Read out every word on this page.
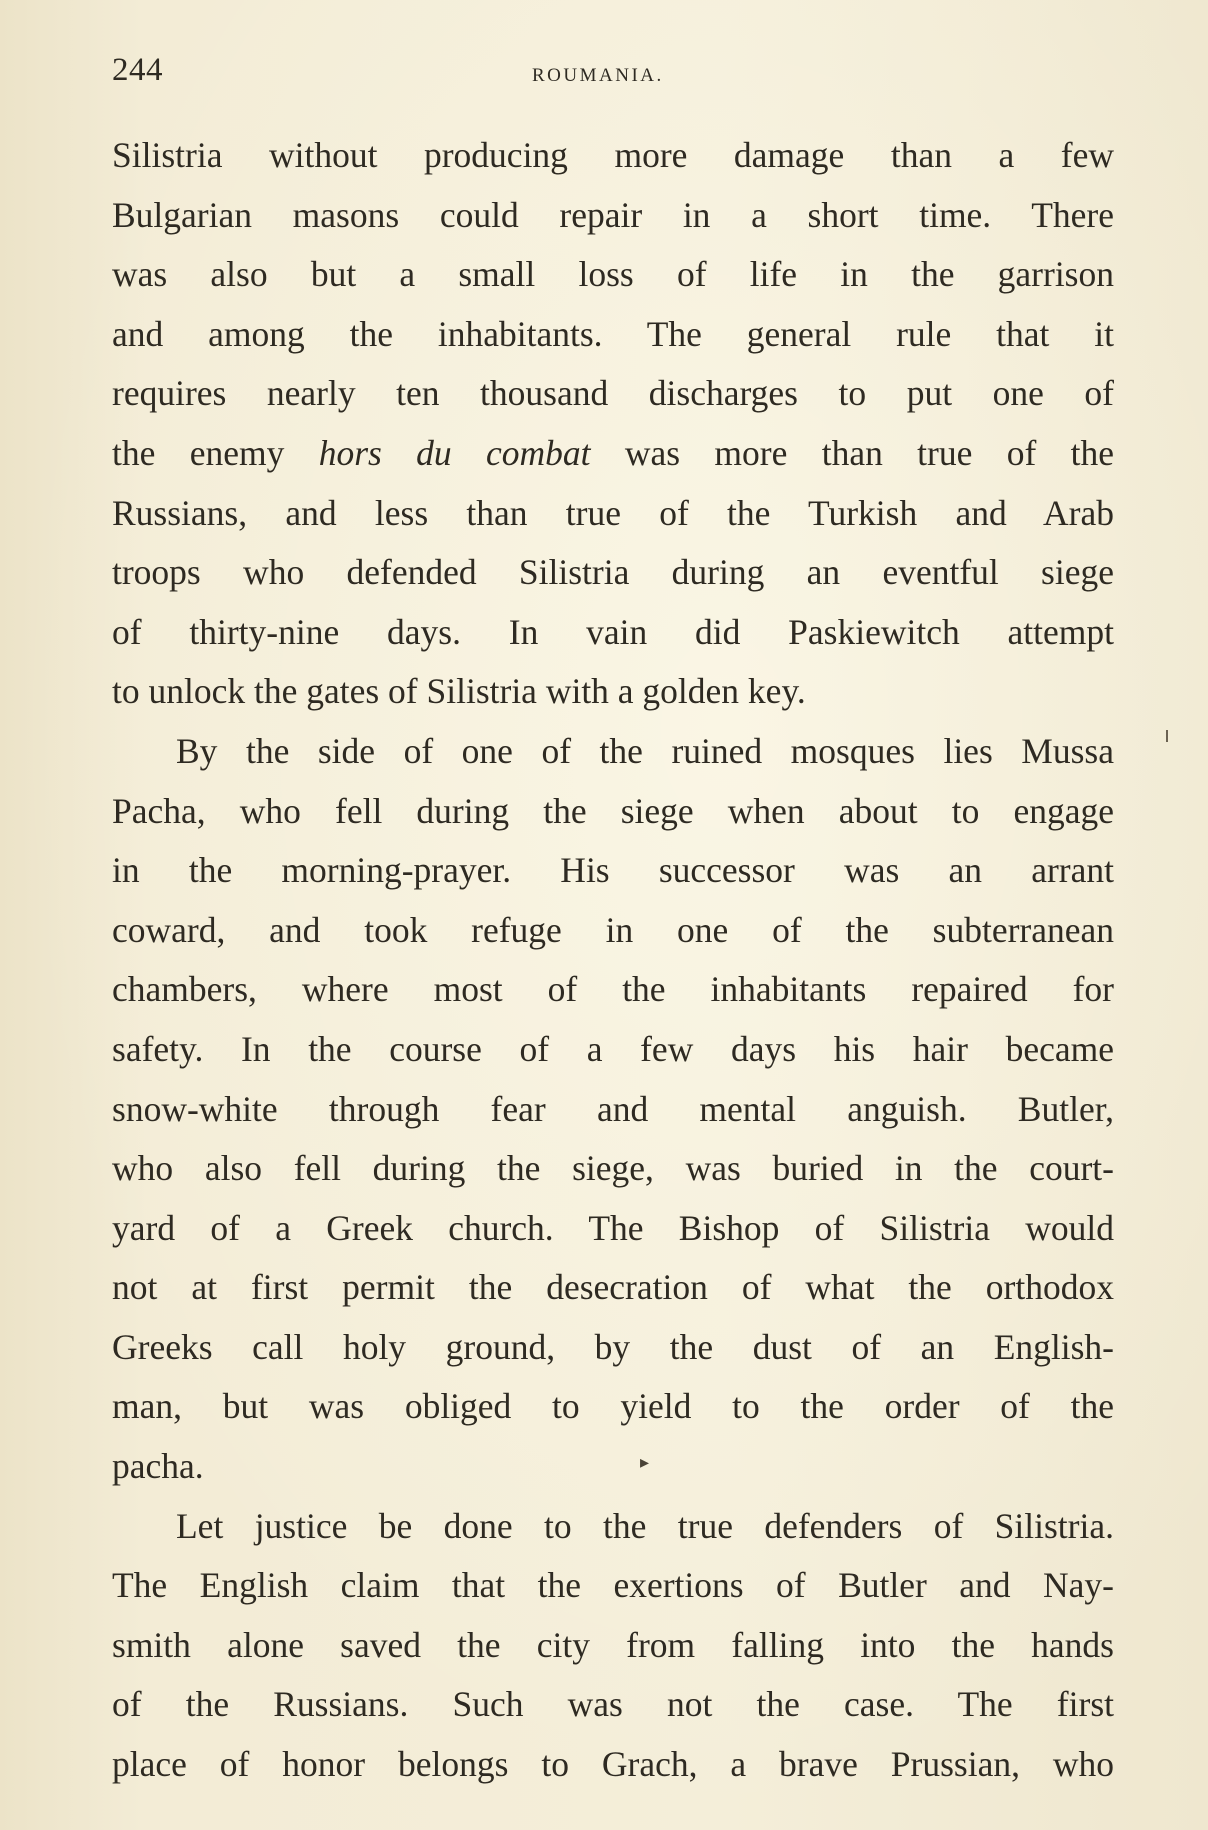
244	ROUMANIA.
Silistria without producing more damage than a few
Bulgarian masons could repair in a short time. There
was also but a small loss of life in the garrison
and among the inhabitants. The general rule that it
requires nearly ten thousand discharges to put one of
the enemy hors du combat was more than true of the
Russians, and less than true of the Turkish and Arab
troops who defended Silistria during an eventful siege
of thirty-nine days. In vain did Paskiewitch attempt
to unlock the gates of Silistria with a golden key.
By the side of one of the ruined mosques lies Mussa
Pacha, who fell during the siege when about to engage
in the morning-prayer. His successor was an arrant
coward, and took refuge in one of the subterranean
chambers, where most of the inhabitants repaired for
safety. In the course of a few days his hair became
snow-white through fear and mental anguish. Butler,
who also fell during the siege, was buried in the court-
yard of a Greek church. The Bishop of Silistria would
not at first permit the desecration of what the orthodox
Greeks call holy ground, by the dust of an English-
man, but was obliged to yield to the order of the
pacha.
Let justice be done to the true defenders of Silistria.
The English claim that the exertions of Butler and Nay-
smith alone saved the city from falling into the hands
of the Russians. Such was not the case. The first
place of honor belongs to Grach, a brave Prussian, who
▸
